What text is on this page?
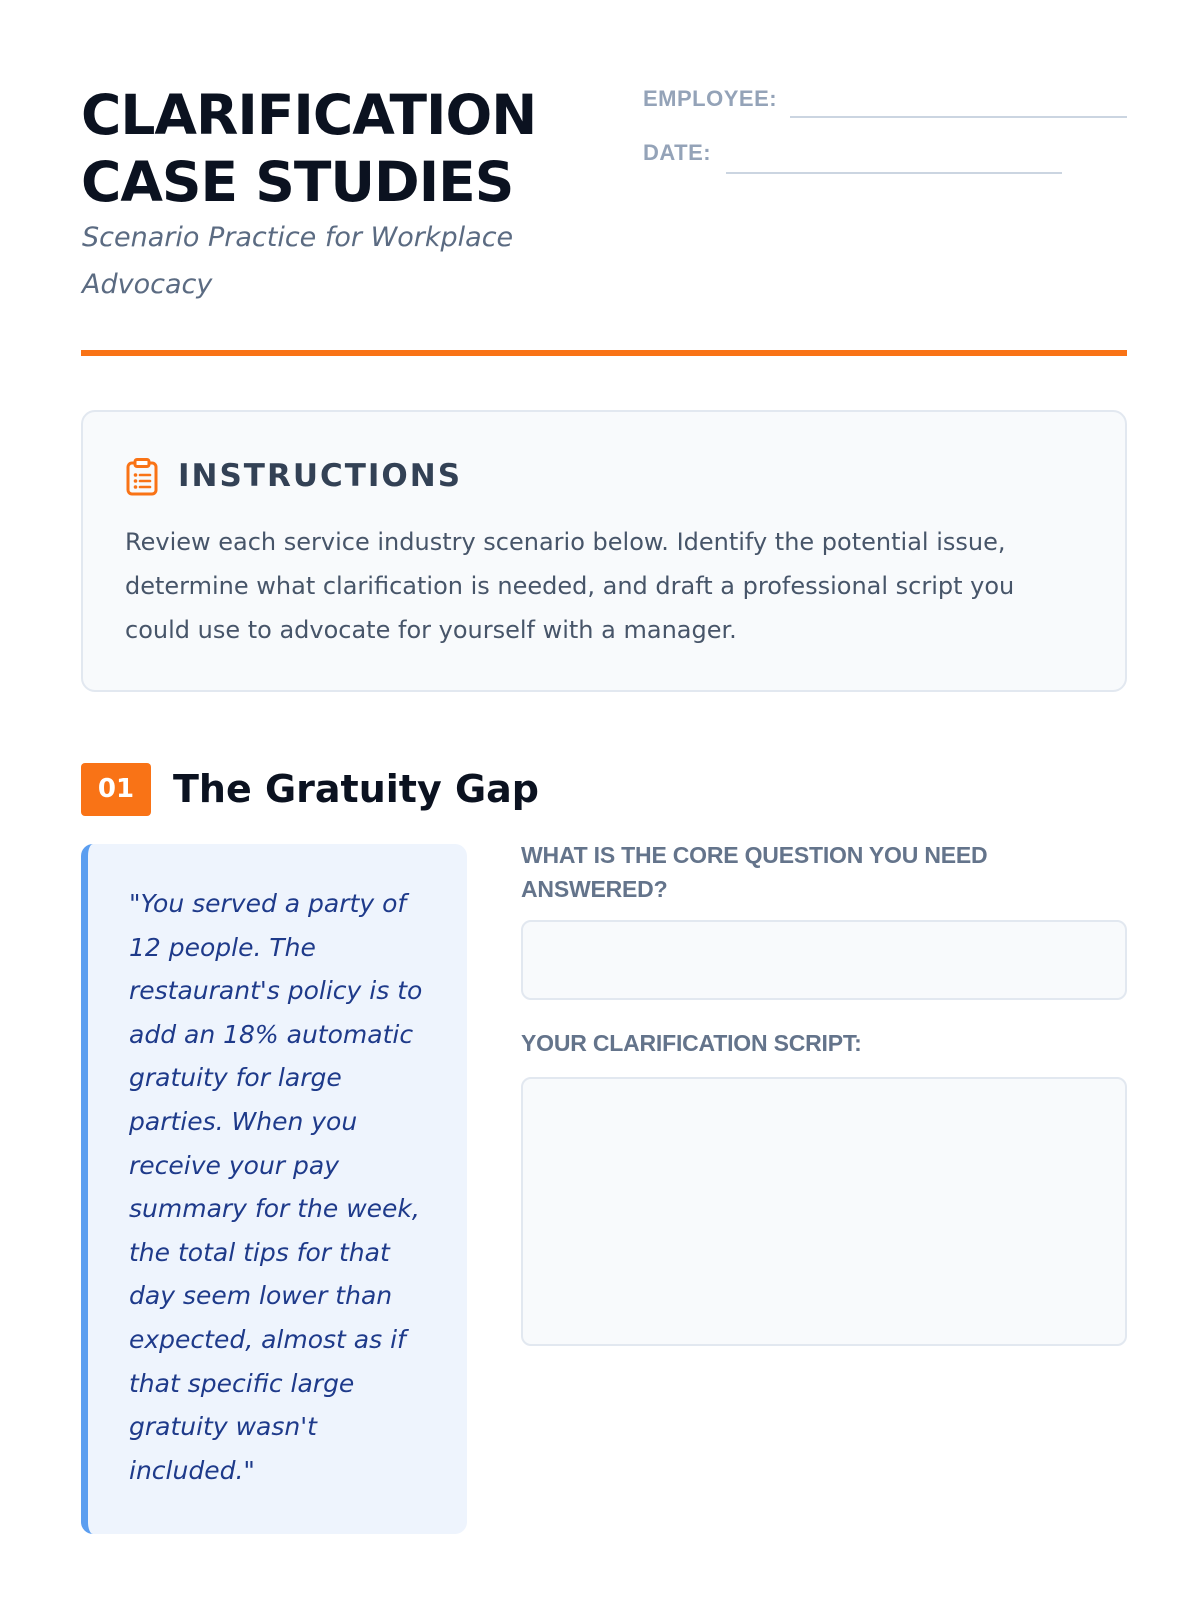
CLARIFICATION
CASE STUDIES

Scenario Practice for Workplace Advocacy

EMPLOYEE:
DATE:
INSTRUCTIONS

Review each service industry scenario below. Identify the potential issue, determine what clarification is needed, and draft a professional script you could use to advocate for yourself with a manager.

01	The Gratuity Gap

"You served a party of 12 people. The restaurant's policy is to add an 18% automatic gratuity for large parties. When you receive your pay summary for the week, the total tips for that day seem lower than expected, almost as if that specific large gratuity wasn't included."

WHAT IS THE CORE QUESTION YOU NEED ANSWERED?

YOUR CLARIFICATION SCRIPT:
